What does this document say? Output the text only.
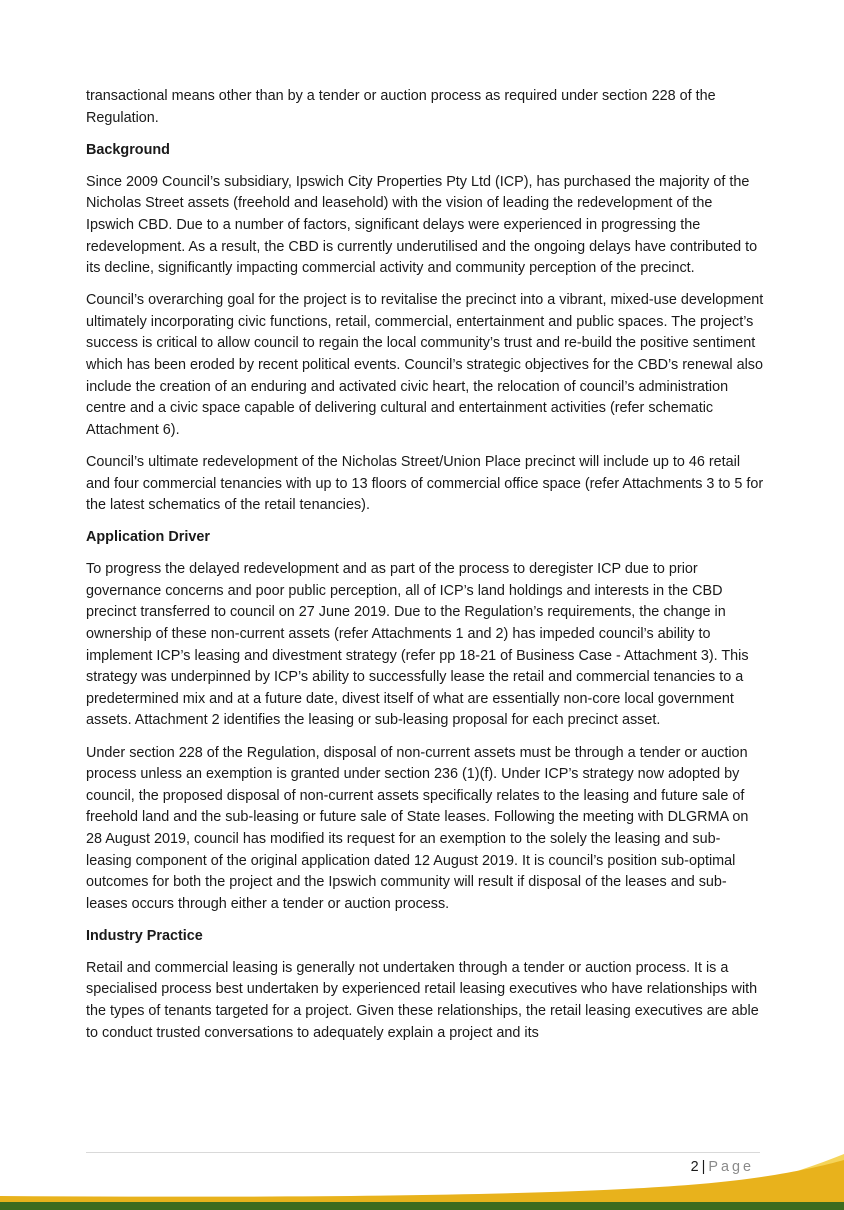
transactional means other than by a tender or auction process as required under section 228 of the Regulation.

Background

Since 2009 Council’s subsidiary, Ipswich City Properties Pty Ltd (ICP), has purchased the majority of the Nicholas Street assets (freehold and leasehold) with the vision of leading the redevelopment of the Ipswich CBD. Due to a number of factors, significant delays were experienced in progressing the redevelopment. As a result, the CBD is currently underutilised and the ongoing delays have contributed to its decline, significantly impacting commercial activity and community perception of the precinct.

Council’s overarching goal for the project is to revitalise the precinct into a vibrant, mixed-use development ultimately incorporating civic functions, retail, commercial, entertainment and public spaces. The project’s success is critical to allow council to regain the local community’s trust and re-build the positive sentiment which has been eroded by recent political events. Council’s strategic objectives for the CBD’s renewal also include the creation of an enduring and activated civic heart, the relocation of council’s administration centre and a civic space capable of delivering cultural and entertainment activities (refer schematic Attachment 6).

Council’s ultimate redevelopment of the Nicholas Street/Union Place precinct will include up to 46 retail and four commercial tenancies with up to 13 floors of commercial office space (refer Attachments 3 to 5 for the latest schematics of the retail tenancies).

Application Driver

To progress the delayed redevelopment and as part of the process to deregister ICP due to prior governance concerns and poor public perception, all of ICP’s land holdings and interests in the CBD precinct transferred to council on 27 June 2019. Due to the Regulation’s requirements, the change in ownership of these non-current assets (refer Attachments 1 and 2) has impeded council’s ability to implement ICP’s leasing and divestment strategy (refer pp 18-21 of Business Case - Attachment 3). This strategy was underpinned by ICP’s ability to successfully lease the retail and commercial tenancies to a predetermined mix and at a future date, divest itself of what are essentially non-core local government assets. Attachment 2 identifies the leasing or sub-leasing proposal for each precinct asset.

Under section 228 of the Regulation, disposal of non-current assets must be through a tender or auction process unless an exemption is granted under section 236 (1)(f). Under ICP’s strategy now adopted by council, the proposed disposal of non-current assets specifically relates to the leasing and future sale of freehold land and the sub-leasing or future sale of State leases. Following the meeting with DLGRMA on 28 August 2019, council has modified its request for an exemption to the solely the leasing and sub-leasing component of the original application dated 12 August 2019. It is council’s position sub-optimal outcomes for both the project and the Ipswich community will result if disposal of the leases and sub-leases occurs through either a tender or auction process.

Industry Practice

Retail and commercial leasing is generally not undertaken through a tender or auction process. It is a specialised process best undertaken by experienced retail leasing executives who have relationships with the types of tenants targeted for a project. Given these relationships, the retail leasing executives are able to conduct trusted conversations to adequately explain a project and its

2 | Page
